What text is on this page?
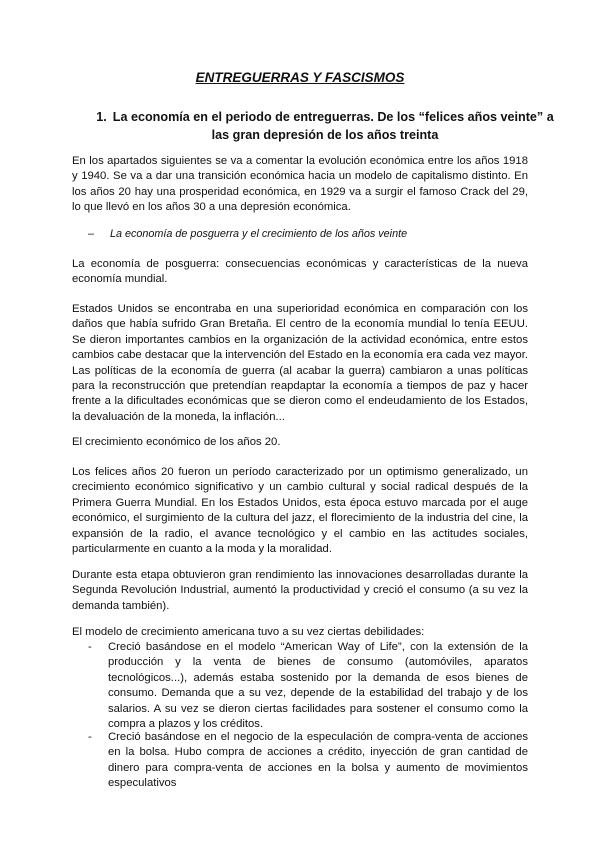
ENTREGUERRAS Y FASCISMOS
1. La economía en el periodo de entreguerras. De los “felices años veinte” a las gran depresión de los años treinta

En los apartados siguientes se va a comentar la evolución económica entre los años 1918 y 1940. Se va a dar una transición económica hacia un modelo de capitalismo distinto. En los años 20 hay una prosperidad económica, en 1929 va a surgir el famoso Crack del 29, lo que llevó en los años 30 a una depresión económica.

– La economía de posguerra y el crecimiento de los años veinte

La economía de posguerra: consecuencias económicas y características de la nueva economía mundial.

Estados Unidos se encontraba en una superioridad económica en comparación con los daños que había sufrido Gran Bretaña. El centro de la economía mundial lo tenía EEUU. Se dieron importantes cambios en la organización de la actividad económica, entre estos cambios cabe destacar que la intervención del Estado en la economía era cada vez mayor. Las políticas de la economía de guerra (al acabar la guerra) cambiaron a unas políticas para la reconstrucción que pretendían reapdaptar la economía a tiempos de paz y hacer frente a la dificultades económicas que se dieron como el endeudamiento de los Estados, la devaluación de la moneda, la inflación...

El crecimiento económico de los años 20.

Los felices años 20 fueron un período caracterizado por un optimismo generalizado, un crecimiento económico significativo y un cambio cultural y social radical después de la Primera Guerra Mundial. En los Estados Unidos, esta época estuvo marcada por el auge económico, el surgimiento de la cultura del jazz, el florecimiento de la industria del cine, la expansión de la radio, el avance tecnológico y el cambio en las actitudes sociales, particularmente en cuanto a la moda y la moralidad.

Durante esta etapa obtuvieron gran rendimiento las innovaciones desarrolladas durante la Segunda Revolución Industrial, aumentó la productividad y creció el consumo (a su vez la demanda también).

El modelo de crecimiento americana tuvo a su vez ciertas debilidades:

- Creció basándose en el modelo “American Way of Life”, con la extensión de la producción y la venta de bienes de consumo (automóviles, aparatos tecnológicos...), además estaba sostenido por la demanda de esos bienes de consumo. Demanda que a su vez, depende de la estabilidad del trabajo y de los salarios. A su vez se dieron ciertas facilidades para sostener el consumo como la compra a plazos y los créditos.
- Creció basándose en el negocio de la especulación de compra-venta de acciones en la bolsa. Hubo compra de acciones a crédito, inyección de gran cantidad de dinero para compra-venta de acciones en la bolsa y aumento de movimientos especulativos
